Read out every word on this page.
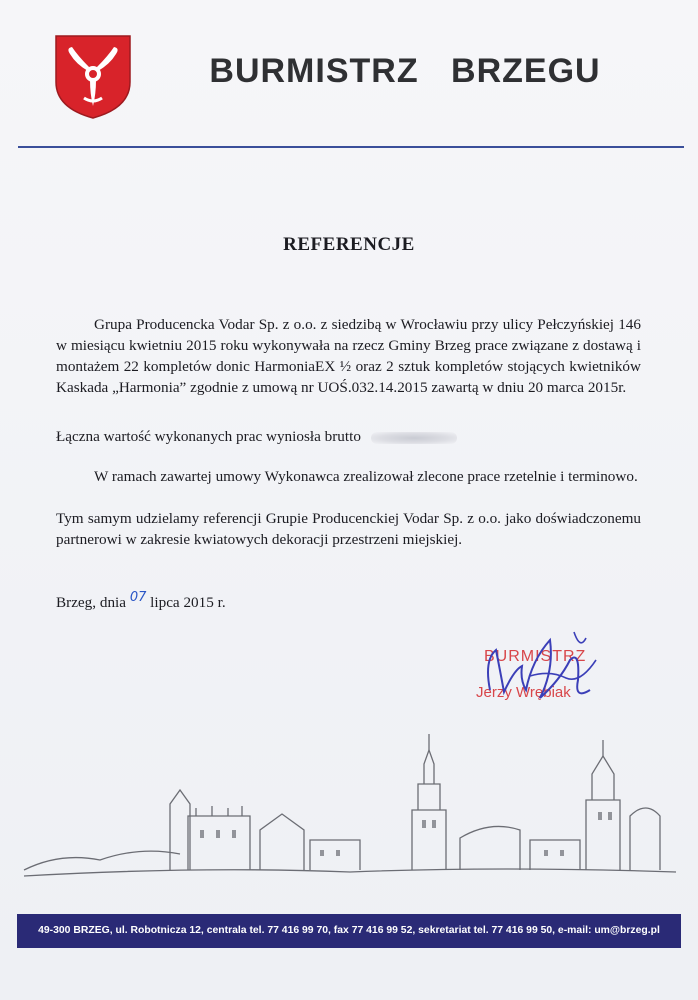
BURMISTRZ BRZEGU
REFERENCJE
Grupa Producencka Vodar Sp. z o.o. z siedzibą w Wrocławiu przy ulicy Pełczyńskiej 146 w miesiącu kwietniu 2015 roku wykonywała na rzecz Gminy Brzeg prace związane z dostawą i montażem 22 kompletów donic HarmoniaEX ½ oraz 2 sztuk kompletów stojących kwietników Kaskada „Harmonia” zgodnie z umową nr UOŚ.032.14.2015 zawartą w dniu 20 marca 2015r.
Łączna wartość wykonanych prac wyniosła brutto
W ramach zawartej umowy Wykonawca zrealizował zlecone prace rzetelnie i terminowo.
Tym samym udzielamy referencji Grupie Producenckiej Vodar Sp. z o.o. jako doświadczonemu partnerowi w zakresie kwiatowych dekoracji przestrzeni miejskiej.
Brzeg, dnia 07 lipca 2015 r.
BURMISTRZ
Jerzy Wrębiak
49-300 BRZEG, ul. Robotnicza 12, centrala tel. 77 416 99 70, fax 77 416 99 52, sekretariat tel. 77 416 99 50, e-mail: um@brzeg.pl
